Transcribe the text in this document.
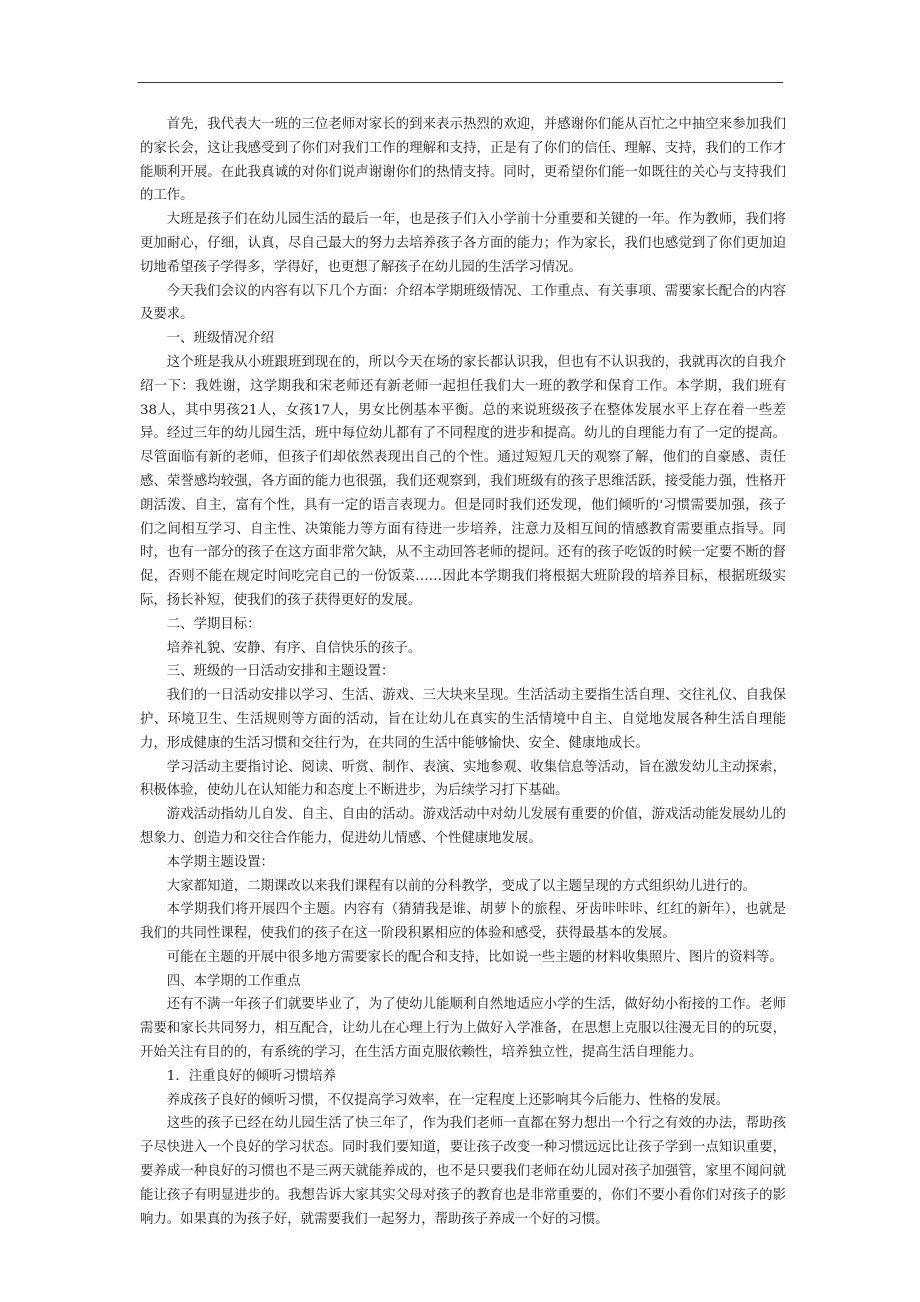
首先，我代表大一班的三位老师对家长的到来表示热烈的欢迎，并感谢你们能从百忙之中抽空来参加我们的家长会，这让我感受到了你们对我们工作的理解和支持，正是有了你们的信任、理解、支持，我们的工作才能顺利开展。在此我真诚的对你们说声谢谢你们的热情支持。同时，更希望你们能一如既往的关心与支持我们的工作。

大班是孩子们在幼儿园生活的最后一年，也是孩子们入小学前十分重要和关键的一年。作为教师，我们将更加耐心，仔细，认真，尽自己最大的努力去培养孩子各方面的能力；作为家长，我们也感觉到了你们更加迫切地希望孩子学得多，学得好，也更想了解孩子在幼儿园的生活学习情况。

今天我们会议的内容有以下几个方面：介绍本学期班级情况、工作重点、有关事项、需要家长配合的内容及要求。

一、班级情况介绍

这个班是我从小班跟班到现在的，所以今天在场的家长都认识我，但也有不认识我的，我就再次的自我介绍一下：我姓谢，这学期我和宋老师还有新老师一起担任我们大一班的教学和保育工作。本学期，我们班有38人，其中男孩21人，女孩17人，男女比例基本平衡。总的来说班级孩子在整体发展水平上存在着一些差异。经过三年的幼儿园生活，班中每位幼儿都有了不同程度的进步和提高。幼儿的自理能力有了一定的提高。尽管面临有新的老师，但孩子们却依然表现出自己的个性。通过短短几天的观察了解，他们的自豪感、责任感、荣誉感均较强，各方面的能力也很强，我们还观察到，我们班级有的孩子思维活跃，接受能力强，性格开朗活泼、自主，富有个性，具有一定的语言表现力。但是同时我们还发现，他们倾听的'习惯需要加强，孩子们之间相互学习、自主性、决策能力等方面有待进一步培养，注意力及相互间的情感教育需要重点指导。同时，也有一部分的孩子在这方面非常欠缺，从不主动回答老师的提问。还有的孩子吃饭的时候一定要不断的督促，否则不能在规定时间吃完自己的一份饭菜……因此本学期我们将根据大班阶段的培养目标，根据班级实际，扬长补短，使我们的孩子获得更好的发展。

二、学期目标：

培养礼貌、安静、有序、自信快乐的孩子。

三、班级的一日活动安排和主题设置：

我们的一日活动安排以学习、生活、游戏、三大块来呈现。生活活动主要指生活自理、交往礼仪、自我保护、环境卫生、生活规则等方面的活动，旨在让幼儿在真实的生活情境中自主、自觉地发展各种生活自理能力，形成健康的生活习惯和交往行为，在共同的生活中能够愉快、安全、健康地成长。

学习活动主要指讨论、阅读、听赏、制作、表演、实地参观、收集信息等活动，旨在激发幼儿主动探索，积极体验，使幼儿在认知能力和态度上不断进步，为后续学习打下基础。

游戏活动指幼儿自发、自主、自由的活动。游戏活动中对幼儿发展有重要的价值，游戏活动能发展幼儿的想象力、创造力和交往合作能力，促进幼儿情感、个性健康地发展。

本学期主题设置：

大家都知道，二期课改以来我们课程有以前的分科教学，变成了以主题呈现的方式组织幼儿进行的。

本学期我们将开展四个主题。内容有（猜猜我是谁、胡萝卜的旅程、牙齿咔咔咔、红红的新年），也就是我们的共同性课程，使我们的孩子在这一阶段积累相应的体验和感受，获得最基本的发展。

可能在主题的开展中很多地方需要家长的配合和支持，比如说一些主题的材料收集照片、图片的资料等。

四、本学期的工作重点

还有不满一年孩子们就要毕业了，为了使幼儿能顺利自然地适应小学的生活，做好幼小衔接的工作。老师需要和家长共同努力，相互配合，让幼儿在心理上行为上做好入学准备，在思想上克服以往漫无目的的玩耍，开始关注有目的的，有系统的学习，在生活方面克服依赖性，培养独立性，提高生活自理能力。

1．注重良好的倾听习惯培养

养成孩子良好的倾听习惯，不仅提高学习效率，在一定程度上还影响其今后能力、性格的发展。

这些的孩子已经在幼儿园生活了快三年了，作为我们老师一直都在努力想出一个行之有效的办法，帮助孩子尽快进入一个良好的学习状态。同时我们要知道，要让孩子改变一种习惯远远比让孩子学到一点知识重要，要养成一种良好的习惯也不是三两天就能养成的，也不是只要我们老师在幼儿园对孩子加强管，家里不闻问就能让孩子有明显进步的。我想告诉大家其实父母对孩子的教育也是非常重要的，你们不要小看你们对孩子的影响力。如果真的为孩子好，就需要我们一起努力，帮助孩子养成一个好的习惯。
